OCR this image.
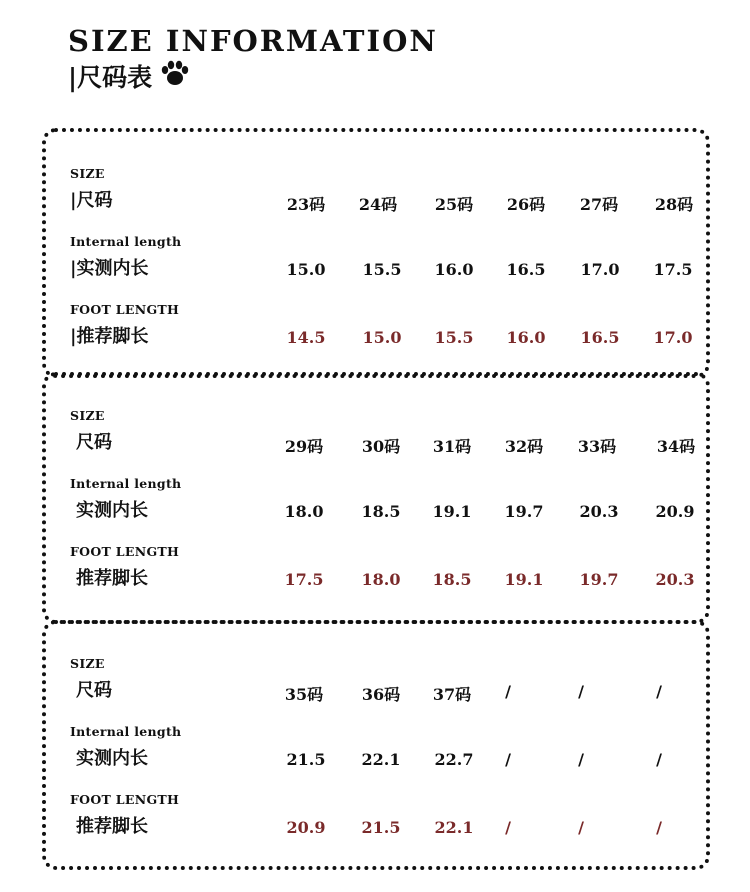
SIZE INFORMATION
|尺码表
SIZE
|尺码	23码	24码	25码	26码	27码	28码
Internal length
|实测内长	15.0	15.5	16.0	16.5	17.0	17.5
FOOT LENGTH
|推荐脚长	14.5	15.0	15.5	16.0	16.5	17.0
SIZE
尺码	29码	30码	31码	32码	33码	34码
Internal length
实测内长	18.0	18.5	19.1	19.7	20.3	20.9
FOOT LENGTH
推荐脚长	17.5	18.0	18.5	19.1	19.7	20.3
SIZE
尺码	35码	36码	37码	/	/	/
Internal length
实测内长	21.5	22.1	22.7	/	/	/
FOOT LENGTH
推荐脚长	20.9	21.5	22.1	/	/	/
